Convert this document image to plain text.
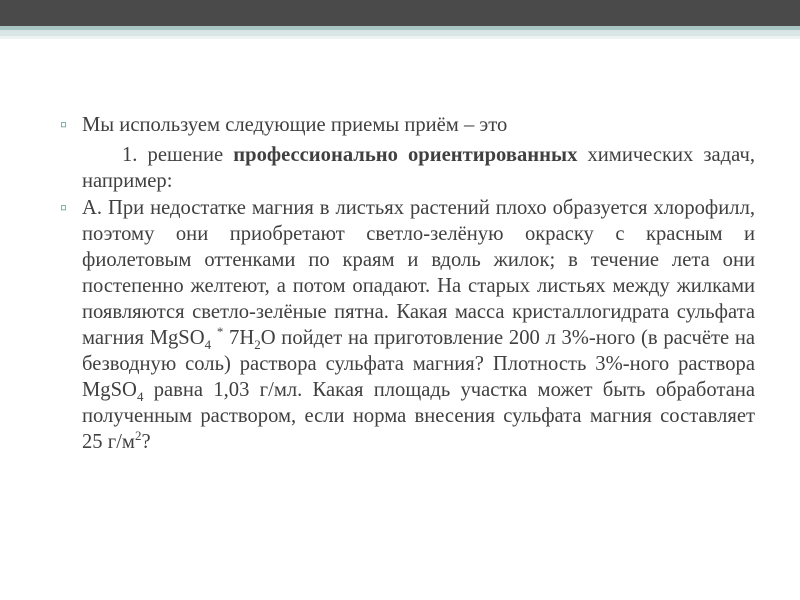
▫ Мы используем следующие приемы приём – это

1. решение профессионально ориентированных химических задач, например:

▫ А. При недостатке магния в листьях растений плохо образуется хлорофилл, поэтому они приобретают светло-зелёную окраску с красным и фиолетовым оттенками по краям и вдоль жилок; в течение лета они постепенно желтеют, а потом опадают. На старых листьях между жилками появляются светло-зелёные пятна. Какая масса кристаллогидрата сульфата магния MgSO$_4$ * $7H_2O$ пойдет на приготовление 200 л 3%-ного (в расчёте на безводную соль) раствора сульфата магния? Плотность 3%-ного раствора MgSO$_4$ равна 1,03 г/мл. Какая площадь участка может быть обработана полученным раствором, если норма внесения сульфата магния составляет 25 $г/м^2$?
